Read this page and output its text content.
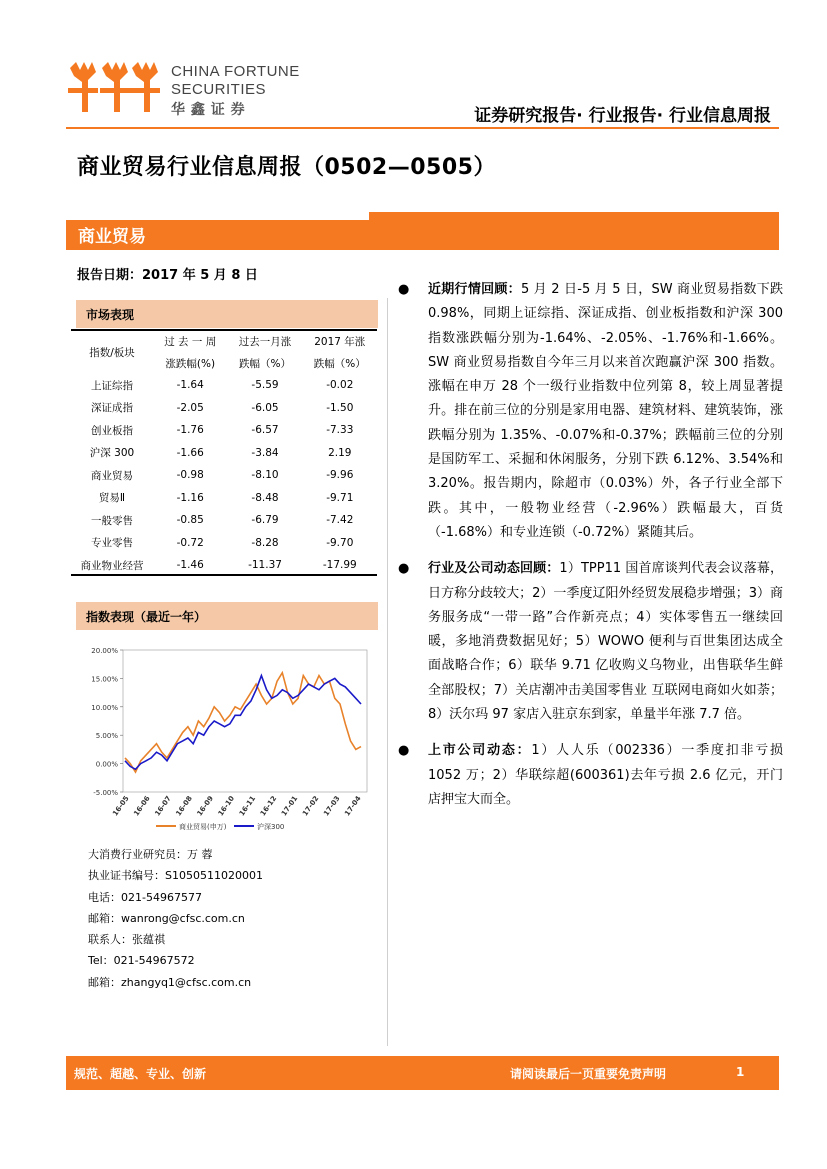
CHINA FORTUNE
SECURITIES
华 鑫 证 券	证券研究报告· 行业报告· 行业信息周报
商业贸易行业信息周报（0502—0505）
商业贸易
报告日期：2017 年 5 月 8 日
市场表现
指数/板块	过 去 一 周	过去一月涨	2017 年涨
	涨跌幅(%)	跌幅（%）	跌幅（%）
上证综指	-1.64	-5.59	-0.02
深证成指	-2.05	-6.05	-1.50
创业板指	-1.76	-6.57	-7.33
沪深 300	-1.66	-3.84	2.19
商业贸易	-0.98	-8.10	-9.96
贸易Ⅱ	-1.16	-8.48	-9.71
一般零售	-0.85	-6.79	-7.42
专业零售	-0.72	-8.28	-9.70
商业物业经营	-1.46	-11.37	-17.99
指数表现（最近一年）
20.00%
15.00%
10.00%
5.00%
0.00%
-5.00%
16-05 16-06 16-07 16-08 16-09 16-10 16-11 16-12 17-01 17-02 17-03 17-04
商业贸易(申万)	沪深300
大消费行业研究员：万 蓉
执业证书编号：S1050511020001
电话：021-54967577
邮箱：wanrong@cfsc.com.cn
联系人：张蕴祺
Tel：021-54967572
邮箱：zhangyq1@cfsc.com.cn
● 近期行情回顾：5 月 2 日-5 月 5 日，SW 商业贸易指数下跌 0.98%，同期上证综指、深证成指、创业板指数和沪深 300 指数涨跌幅分别为-1.64%、-2.05%、-1.76%和-1.66%。SW 商业贸易指数自今年三月以来首次跑赢沪深 300 指数。涨幅在申万 28 个一级行业指数中位列第 8，较上周显著提升。排在前三位的分别是家用电器、建筑材料、建筑装饰，涨跌幅分别为 1.35%、-0.07%和-0.37%；跌幅前三位的分别是国防军工、采掘和休闲服务，分别下跌 6.12%、3.54%和 3.20%。报告期内，除超市（0.03%）外，各子行业全部下跌。其中，一般物业经营（-2.96%）跌幅最大，百货（-1.68%）和专业连锁（-0.72%）紧随其后。
● 行业及公司动态回顾：1）TPP11 国首席谈判代表会议落幕，日方称分歧较大；2）一季度辽阳外经贸发展稳步增强；3）商务服务成“一带一路”合作新亮点；4）实体零售五一继续回暖，多地消费数据见好；5）WOWO 便利与百世集团达成全面战略合作；6）联华 9.71 亿收购义乌物业，出售联华生鲜全部股权；7）关店潮冲击美国零售业 互联网电商如火如荼；8）沃尔玛 97 家店入驻京东到家，单量半年涨 7.7 倍。
● 上市公司动态：1）人人乐（002336）一季度扣非亏损 1052 万；2）华联综超(600361)去年亏损 2.6 亿元，开门店押宝大而全。
规范、超越、专业、创新	请阅读最后一页重要免责声明	1
